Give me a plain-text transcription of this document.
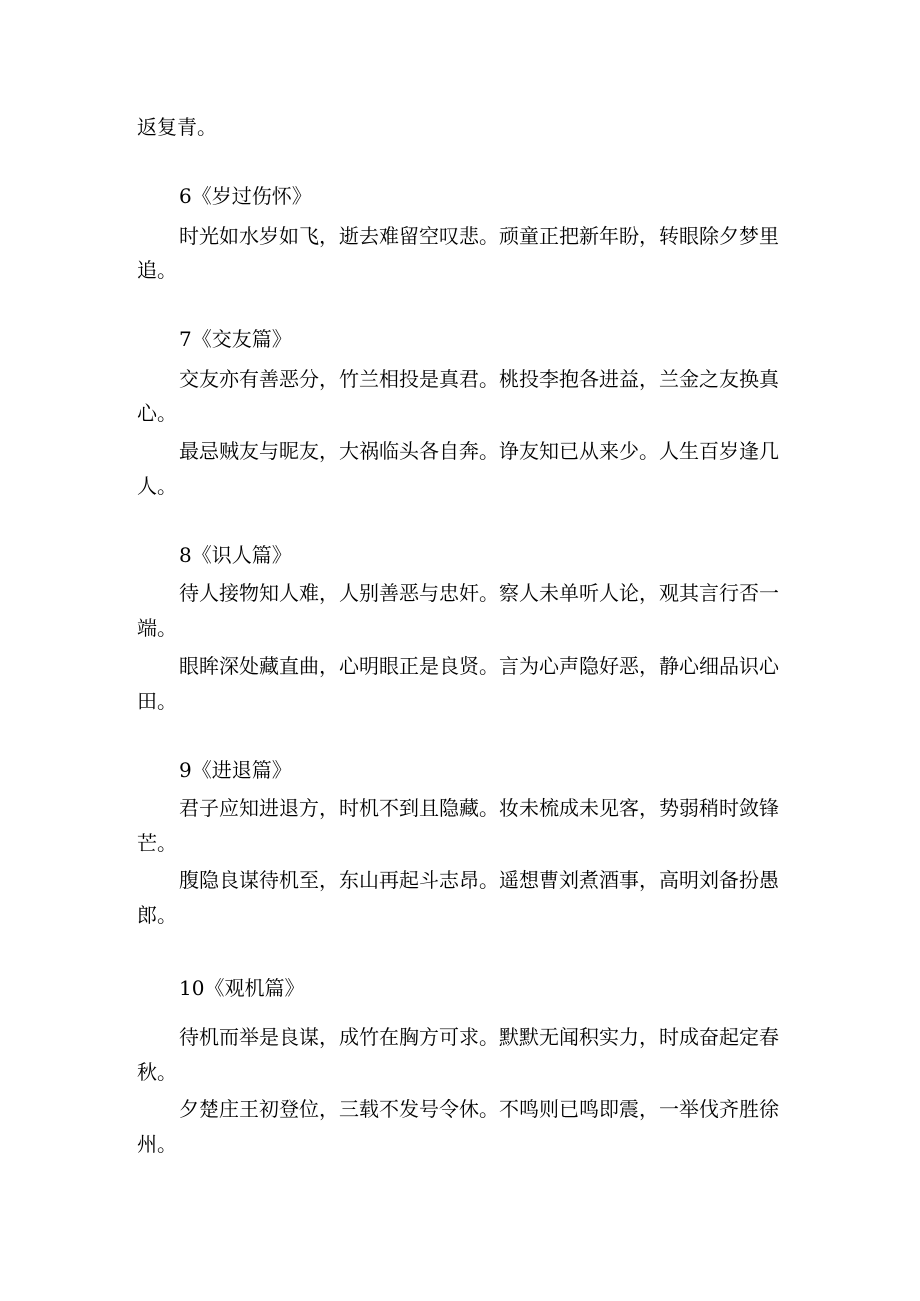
返复青。
6《岁过伤怀》
时光如水岁如飞，逝去难留空叹悲。顽童正把新年盼，转眼除夕梦里
追。
7《交友篇》
交友亦有善恶分，竹兰相投是真君。桃投李抱各进益，兰金之友换真
心。
最忌贼友与昵友，大祸临头各自奔。诤友知已从来少。人生百岁逢几
人。
8《识人篇》
待人接物知人难，人别善恶与忠奸。察人未单听人论，观其言行否一
端。
眼眸深处藏直曲，心明眼正是良贤。言为心声隐好恶，静心细品识心
田。
9《进退篇》
君子应知进退方，时机不到且隐藏。妆未梳成未见客，势弱稍时敛锋
芒。
腹隐良谋待机至，东山再起斗志昂。遥想曹刘煮酒事，高明刘备扮愚
郎。
10《观机篇》
待机而举是良谋，成竹在胸方可求。默默无闻积实力，时成奋起定春
秋。
夕楚庄王初登位，三载不发号令休。不鸣则已鸣即震，一举伐齐胜徐
州。
